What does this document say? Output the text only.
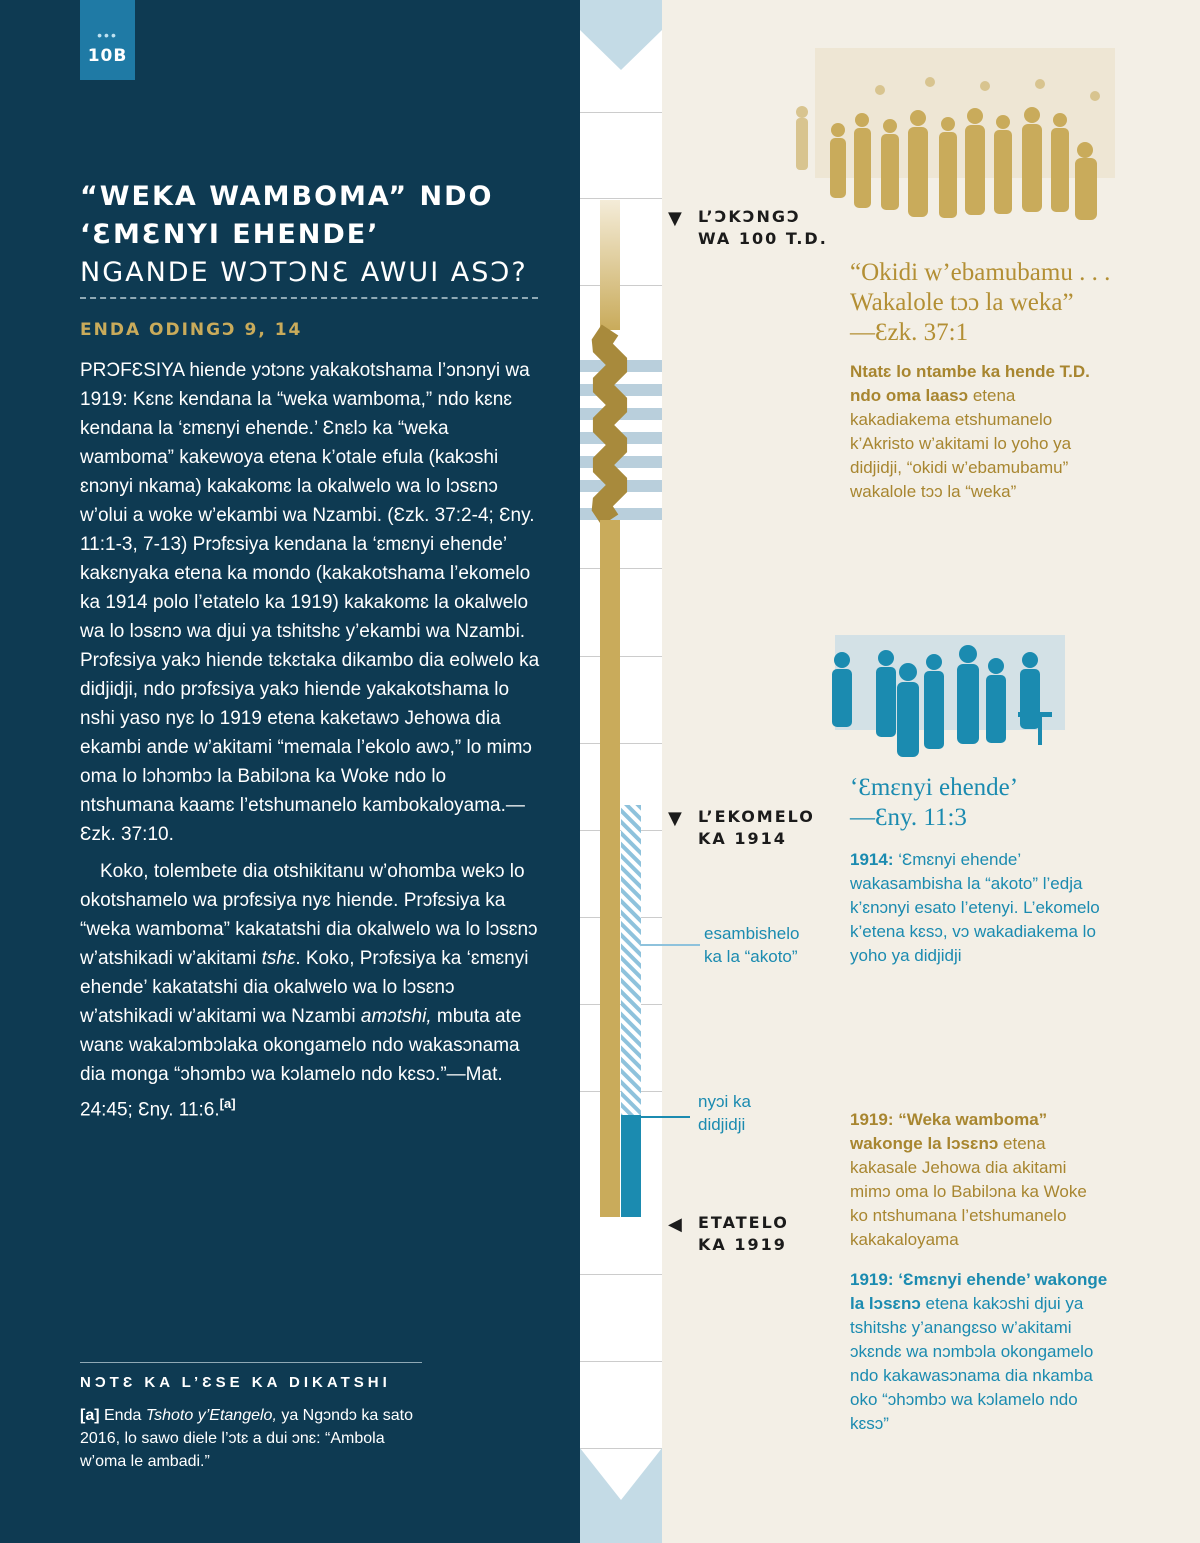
•••
10B
“WEKA WAMBOMA” NDO
‘ƐMƐNYI EHENDE’
NGANDE WƆTƆNƐ AWUI ASƆ?
ENDA ODINGƆ 9, 14

PRƆFƐSIYA hiende yɔtɔnɛ yakakotshama l’ɔnɔnyi wa 1919: Kɛnɛ kendana la “weka wamboma,” ndo kɛnɛ kendana la ‘ɛmɛnyi ehende.’ Ɛnɛlɔ ka “weka wamboma” kakewoya etena k’otale efula (kakɔshi ɛnɔnyi nkama) kakakomɛ la okalwelo wa lo lɔsɛnɔ w’olui a woke w’ekambi wa Nzambi. (Ɛzk. 37:2-4; Ɛny. 11:1-3, 7-13) Prɔfɛsiya kendana la ‘ɛmɛnyi ehende’ kakɛnyaka etena ka mondo (kakakotshama l’ekomelo ka 1914 polo l’etatelo ka 1919) kakakomɛ la okalwelo wa lo lɔsɛnɔ wa djui ya tshitshɛ y’ekambi wa Nzambi. Prɔfɛsiya yakɔ hiende tɛkɛtaka dikambo dia eolwelo ka didjidji, ndo prɔfɛsiya yakɔ hiende yakakotshama lo nshi yaso nyɛ lo 1919 etena kaketawɔ Jehowa dia ekambi ande w’akitami “memala l’ekolo awɔ,” lo mimɔ oma lo lɔhɔmbɔ la Babilɔna ka Woke ndo lo ntshumana kaamɛ l’etshumanelo kambokaloyama.—Ɛzk. 37:10.

Koko, tolembete dia otshikitanu w’ohomba wekɔ lo okotshamelo wa prɔfɛsiya nyɛ hiende. Prɔfɛsiya ka “weka wamboma” kakatatshi dia okalwelo wa lo lɔsɛnɔ w’atshikadi w’akitami tshɛ. Koko, Prɔfɛsiya ka ‘ɛmɛnyi ehende’ kakatatshi dia okalwelo wa lo lɔsɛnɔ w’atshikadi w’akitami wa Nzambi amɔtshi, mbuta ate wanɛ wakalɔmbɔlaka okongamelo ndo wakasɔnama dia monga “ɔhɔmbɔ wa kɔlamelo ndo kɛsɔ.”—Mat. 24:45; Ɛny. 11:6.[a]

NƆTƐ KA L’ƐSE KA DIKATSHI
[a] Enda Tshoto y’Etangelo, ya Ngɔndɔ ka sato 2016, lo sawo diele l’ɔtɛ a dui ɔnɛ: “Ambola w’oma le ambadi.”
▼ L’ƆKƆNGƆ
WA 100 T.D.
▼ L’EKOMELO
KA 1914
◀ ETATELO
KA 1919
esambishelo
ka la “akoto”
nyɔi ka
didjidji
“Okidi w’ebamubamu . . .
Wakalole tɔɔ la weka”
—Ɛzk. 37:1
Ntatɛ lo ntambe ka hende T.D. ndo oma laasɔ etena kakadiakema etshumanelo k’Akristo w’akitami lo yoho ya didjidji, “okidi w’ebamubamu” wakalole tɔɔ la “weka”
‘Ɛmɛnyi ehende’
—Ɛny. 11:3
1914: ‘Ɛmɛnyi ehende’ wakasambisha la “akoto” l’edja k’ɛnɔnyi esato l’etenyi. L’ekomelo k’etena kɛsɔ, vɔ wakadiakema lo yoho ya didjidji
1919: “Weka wamboma” wakonge la lɔsɛnɔ etena kakasale Jehowa dia akitami mimɔ oma lo Babilɔna ka Woke ko ntshumana l’etshumanelo kakakaloyama
1919: ‘Ɛmɛnyi ehende’ wakonge la lɔsɛnɔ etena kakɔshi djui ya tshitshɛ y’anangɛso w’akitami ɔkɛndɛ wa nɔmbɔla okongamelo ndo kakawasɔnama dia nkamba oko “ɔhɔmbɔ wa kɔlamelo ndo kɛsɔ”
